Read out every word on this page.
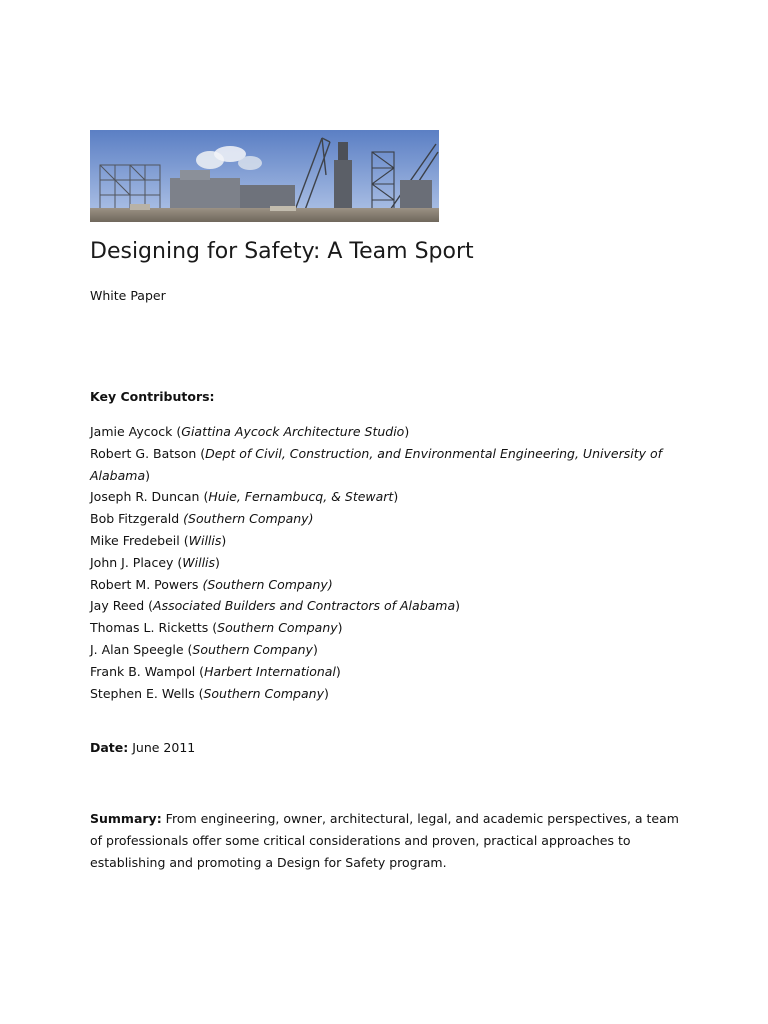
Designing for Safety: A Team Sport
White Paper
Key Contributors:
Jamie Aycock (Giattina Aycock Architecture Studio)
Robert G. Batson (Dept of Civil, Construction, and Environmental Engineering, University of Alabama)
Joseph R. Duncan (Huie, Fernambucq, & Stewart)
Bob Fitzgerald (Southern Company)
Mike Fredebeil (Willis)
John J. Placey (Willis)
Robert M. Powers (Southern Company)
Jay Reed (Associated Builders and Contractors of Alabama)
Thomas L. Ricketts (Southern Company)
J. Alan Speegle (Southern Company)
Frank B. Wampol (Harbert International)
Stephen E. Wells (Southern Company)
Date: June 2011

Summary: From engineering, owner, architectural, legal, and academic perspectives, a team of professionals offer some critical considerations and proven, practical approaches to establishing and promoting a Design for Safety program.
